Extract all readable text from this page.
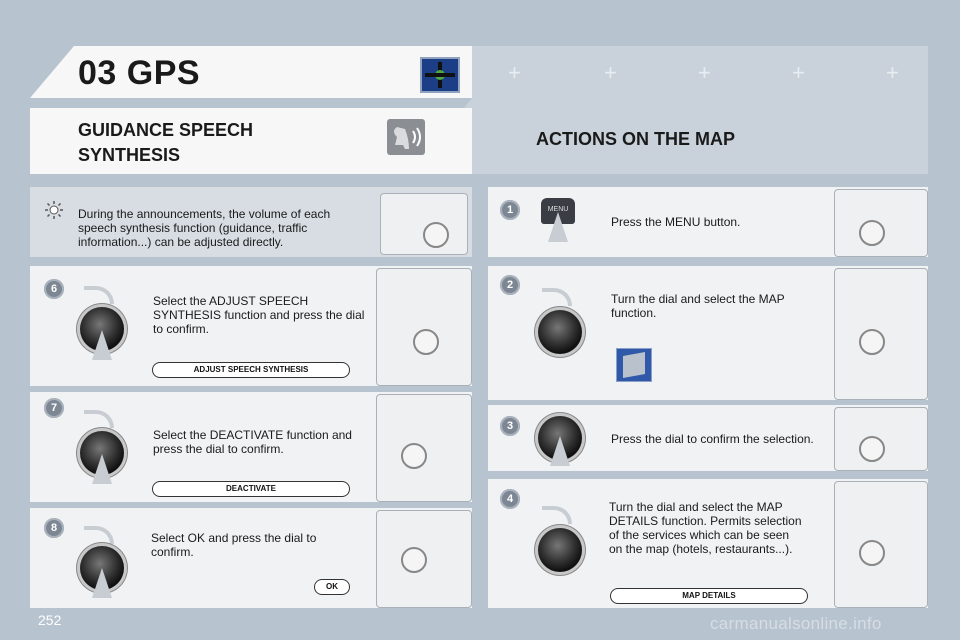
+	+	+	+	+
03 GPS
GUIDANCE SPEECH SYNTHESIS
ACTIONS ON THE MAP
During the announcements, the volume of each speech synthesis function (guidance, traffic information...) can be adjusted directly.
6
Select the ADJUST SPEECH SYNTHESIS function and press the dial to confirm.
ADJUST SPEECH SYNTHESIS
7
Select the DEACTIVATE function and press the dial to confirm.
DEACTIVATE
8
Select OK and press the dial to confirm.
OK
1	MENU
Press the MENU button.
2
Turn the dial and select the MAP function.
3
Press the dial to confirm the selection.
4
Turn the dial and select the MAP DETAILS function. Permits selection of the services which can be seen on the map (hotels, restaurants...).
MAP DETAILS
252	carmanualsonline.info
